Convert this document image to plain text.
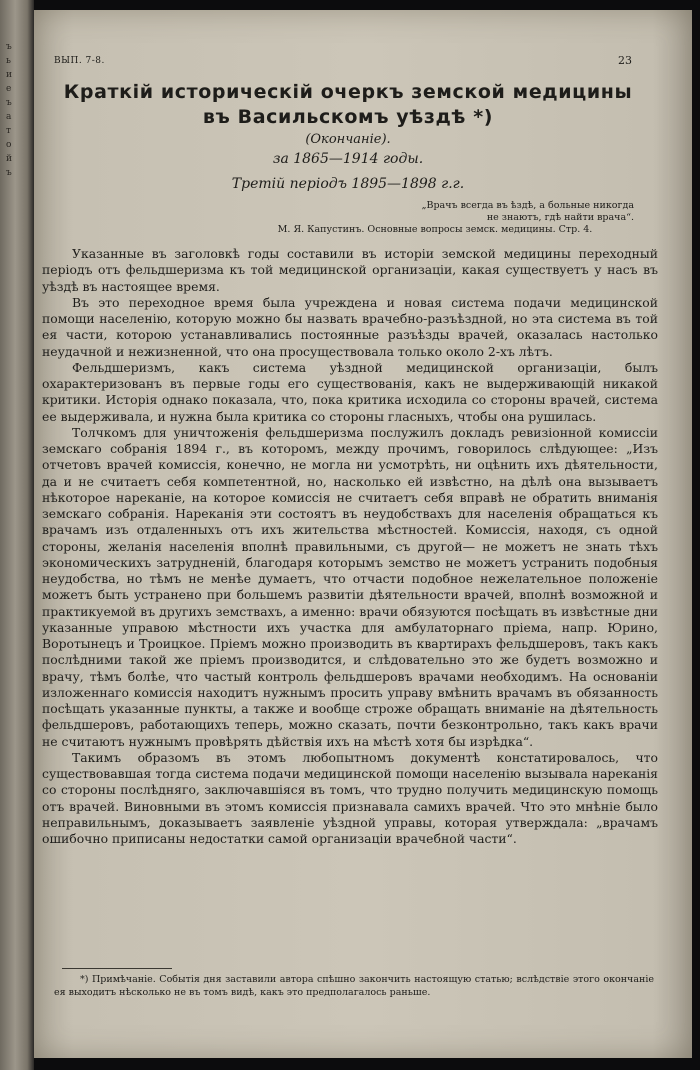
ъ
ь
и
е
ъ
а
т
о
й
ъ
ВЫП. 7-8.	23
Краткій историческій очеркъ земской медицины
въ Васильскомъ уѣздѣ *)
(Окончаніе).
за 1865—1914 годы.
Третій періодъ 1895—1898 г.г.
„Врачъ всегда въ ѣздѣ, а больные никогда
не знаютъ, гдѣ найти врача“.
М. Я. Капустинъ. Основные вопросы земск. медицины. Стр. 4.

Указанные въ заголовкѣ годы составили въ исторіи земской медицины переходный періодъ отъ фельдшеризма къ той медицинской организаціи, какая существуетъ у насъ въ уѣздѣ въ настоящее время.

Въ это переходное время была учреждена и новая система подачи медицинской помощи населенію, которую можно бы назвать врачебно-разъѣздной, но эта система въ той ея части, которою устанавливались постоянные разъѣзды врачей, оказалась настолько неудачной и нежизненной, что она просуществовала только около 2-хъ лѣтъ.

Фельдшеризмъ, какъ система уѣздной медицинской организаціи, былъ охарактеризованъ въ первые годы его существованія, какъ не выдерживающій никакой критики. Исторія однако показала, что, пока критика исходила со стороны врачей, система ее выдерживала, и нужна была критика со стороны гласныхъ, чтобы она рушилась.

Толчкомъ для уничтоженія фельдшеризма послужилъ докладъ ревизіонной комиссіи земскаго собранія 1894 г., въ которомъ, между прочимъ, говорилось слѣдующее: „Изъ отчетовъ врачей комиссія, конечно, не могла ни усмотрѣть, ни оцѣнить ихъ дѣятельности, да и не считаетъ себя компетентной, но, насколько ей извѣстно, на дѣлѣ она вызываетъ нѣкоторое нареканіе, на которое комиссія не считаетъ себя вправѣ не обратить вниманія земскаго собранія. Нареканія эти состоятъ въ неудобствахъ для населенія обращаться къ врачамъ изъ отдаленныхъ отъ ихъ жительства мѣстностей. Комиссія, находя, съ одной стороны, желанія населенія вполнѣ правильными, съ другой— не можетъ не знать тѣхъ экономическихъ затрудненій, благодаря которымъ земство не можетъ устранить подобныя неудобства, но тѣмъ не менѣе думаетъ, что отчасти подобное нежелательное положеніе можетъ быть устранено при большемъ развитіи дѣятельности врачей, вполнѣ возможной и практикуемой въ другихъ земствахъ, а именно: врачи обязуются посѣщать въ извѣстные дни указанные управою мѣстности ихъ участка для амбулаторнаго пріема, напр. Юрино, Воротынецъ и Троицкое. Пріемъ можно производить въ квартирахъ фельдшеровъ, такъ какъ послѣдними такой же пріемъ производится, и слѣдовательно это же будетъ возможно и врачу, тѣмъ болѣе, что частый контроль фельдшеровъ врачами необходимъ. На основаніи изложеннаго комиссія находитъ нужнымъ просить управу вмѣнить врачамъ въ обязанность посѣщать указанные пункты, а также и вообще строже обращать вниманіе на дѣятельность фельдшеровъ, работающихъ теперь, можно сказать, почти безконтрольно, такъ какъ врачи не считаютъ нужнымъ провѣрять дѣйствія ихъ на мѣстѣ хотя бы изрѣдка“.

Такимъ образомъ въ этомъ любопытномъ документѣ констатировалось, что существовавшая тогда система подачи медицинской помощи населенію вызывала нареканія со стороны послѣдняго, заключавшіяся въ томъ, что трудно получить медицинскую помощь отъ врачей. Виновными въ этомъ комиссія признавала самихъ врачей. Что это мнѣніе было неправильнымъ, доказываетъ заявленіе уѣздной управы, которая утверждала: „врачамъ ошибочно приписаны недостатки самой организаціи врачебной части“.

*) Примѣчаніе. Событія дня заставили автора спѣшно закончить настоящую статью; вслѣдствіе этого окончаніе ея выходитъ нѣсколько не въ томъ видѣ, какъ это предполагалось раньше.
